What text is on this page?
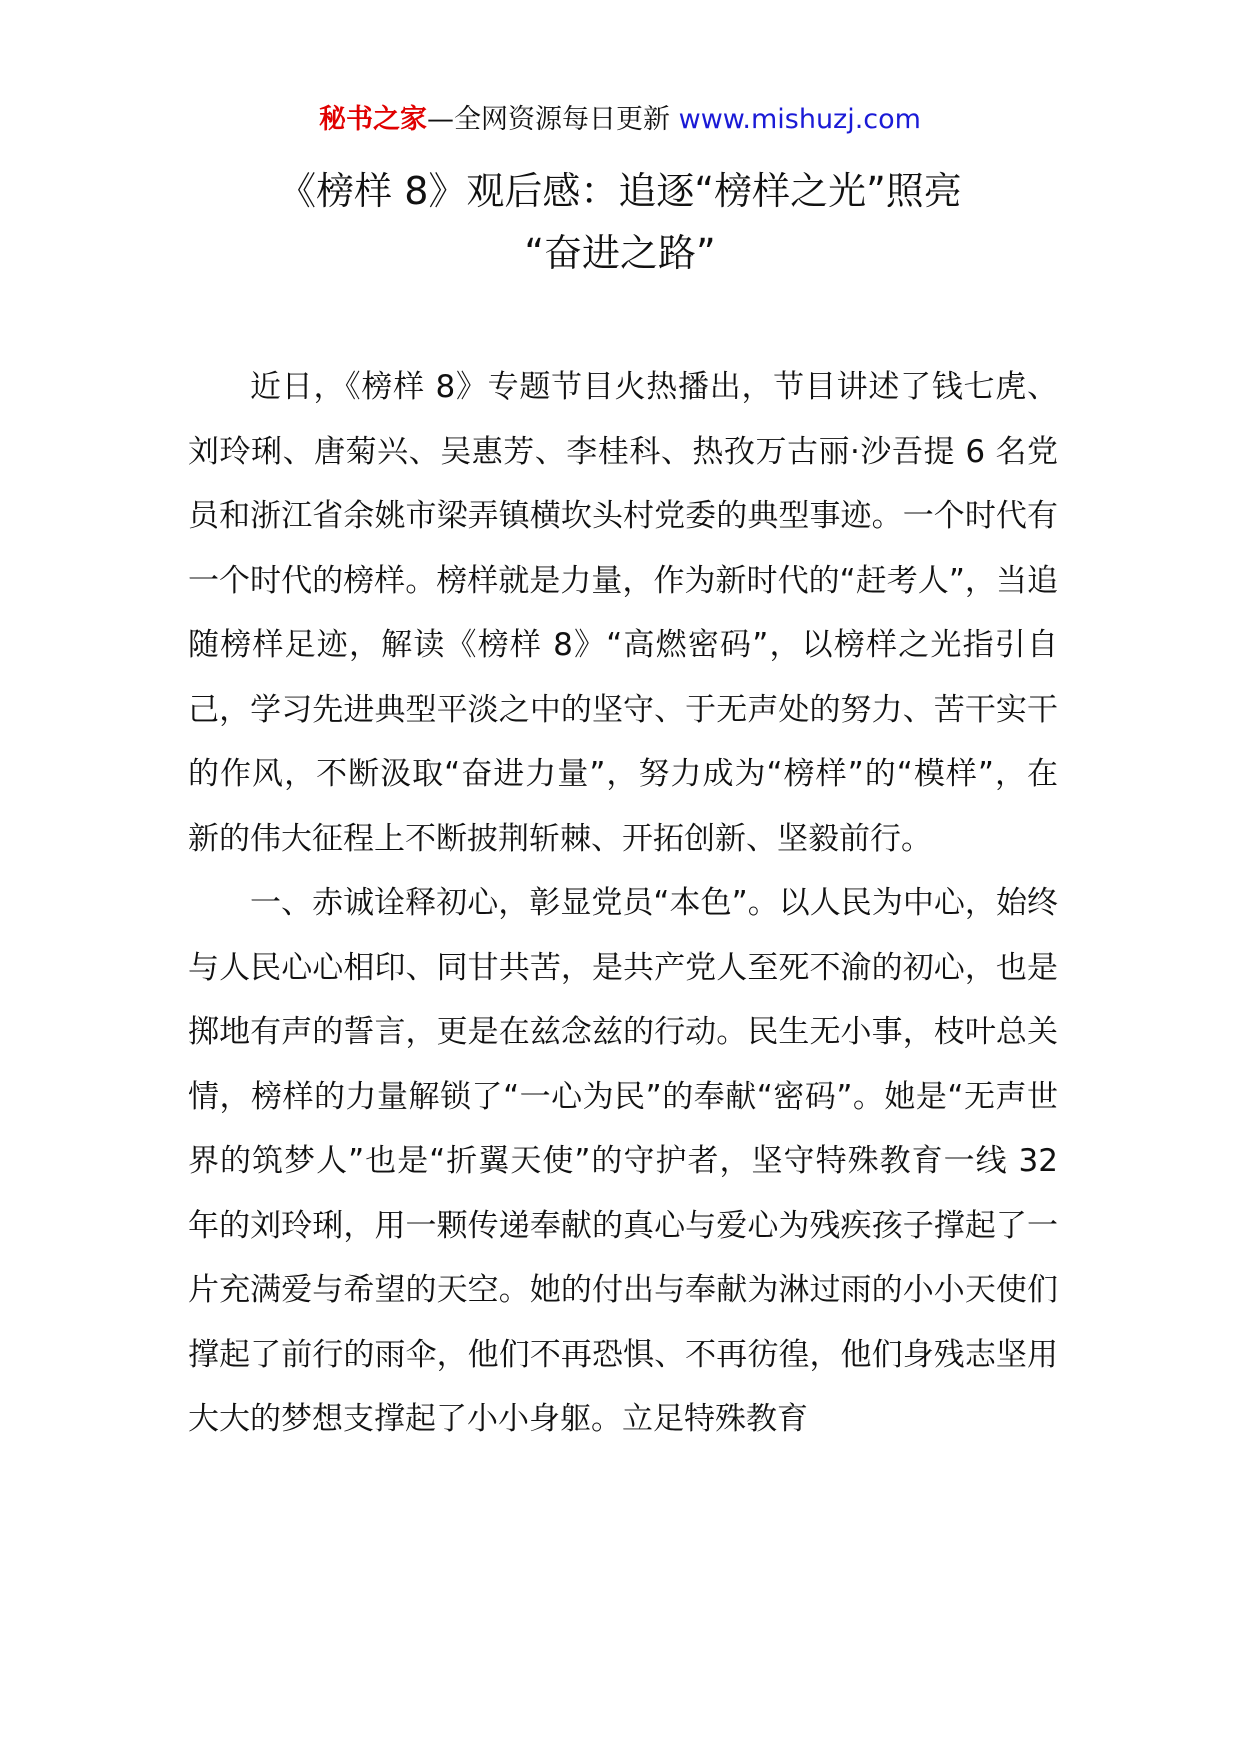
秘书之家—全网资源每日更新 www.mishuzj.com
《榜样 8》观后感：追逐“榜样之光”照亮
“奋进之路”

近日，《榜样 8》专题节目火热播出，节目讲述了钱七虎、刘玲琍、唐菊兴、吴惠芳、李桂科、热孜万古丽·沙吾提 6 名党员和浙江省余姚市梁弄镇横坎头村党委的典型事迹。一个时代有一个时代的榜样。榜样就是力量，作为新时代的“赶考人”，当追随榜样足迹，解读《榜样 8》“高燃密码”，以榜样之光指引自己，学习先进典型平淡之中的坚守、于无声处的努力、苦干实干的作风，不断汲取“奋进力量”，努力成为“榜样”的“模样”，在新的伟大征程上不断披荆斩棘、开拓创新、坚毅前行。

一、赤诚诠释初心，彰显党员“本色”。以人民为中心，始终与人民心心相印、同甘共苦，是共产党人至死不渝的初心，也是掷地有声的誓言，更是在兹念兹的行动。民生无小事，枝叶总关情，榜样的力量解锁了“一心为民”的奉献“密码”。她是“无声世界的筑梦人”也是“折翼天使”的守护者，坚守特殊教育一线 32 年的刘玲琍，用一颗传递奉献的真心与爱心为残疾孩子撑起了一片充满爱与希望的天空。她的付出与奉献为淋过雨的小小天使们撑起了前行的雨伞，他们不再恐惧、不再彷徨，他们身残志坚用大大的梦想支撑起了小小身躯。立足特殊教育
